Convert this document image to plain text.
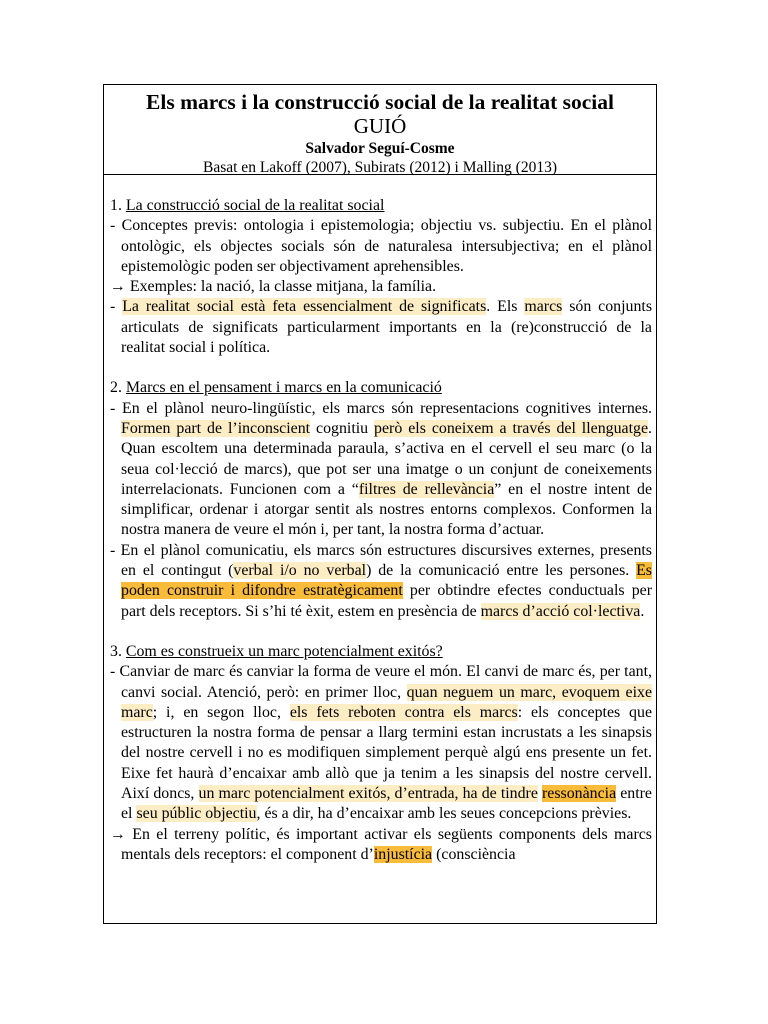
Els marcs i la construcció social de la realitat social
GUIÓ
Salvador Seguí-Cosme
Basat en Lakoff (2007), Subirats (2012) i Malling (2013)
1. La construcció social de la realitat social

- Conceptes previs: ontologia i epistemologia; objectiu vs. subjectiu. En el plànol ontològic, els objectes socials són de naturalesa intersubjectiva; en el plànol epistemològic poden ser objectivament aprehensibles.

→ Exemples: la nació, la classe mitjana, la família.

- La realitat social està feta essencialment de significats. Els marcs són conjunts articulats de significats particularment importants en la (re)construcció de la realitat social i política.

2. Marcs en el pensament i marcs en la comunicació

- En el plànol neuro-lingüístic, els marcs són representacions cognitives internes. Formen part de l’inconscient cognitiu però els coneixem a través del llenguatge. Quan escoltem una determinada paraula, s’activa en el cervell el seu marc (o la seua col·lecció de marcs), que pot ser una imatge o un conjunt de coneixements interrelacionats. Funcionen com a “filtres de rellevància” en el nostre intent de simplificar, ordenar i atorgar sentit als nostres entorns complexos. Conformen la nostra manera de veure el món i, per tant, la nostra forma d’actuar.

- En el plànol comunicatiu, els marcs són estructures discursives externes, presents en el contingut (verbal i/o no verbal) de la comunicació entre les persones. Es poden construir i difondre estratègicament per obtindre efectes conductuals per part dels receptors. Si s’hi té èxit, estem en presència de marcs d’acció col·lectiva.

3. Com es construeix un marc potencialment exitós?

- Canviar de marc és canviar la forma de veure el món. El canvi de marc és, per tant, canvi social. Atenció, però: en primer lloc, quan neguem un marc, evoquem eixe marc; i, en segon lloc, els fets reboten contra els marcs: els conceptes que estructuren la nostra forma de pensar a llarg termini estan incrustats a les sinapsis del nostre cervell i no es modifiquen simplement perquè algú ens presente un fet. Eixe fet haurà d’encaixar amb allò que ja tenim a les sinapsis del nostre cervell. Així doncs, un marc potencialment exitós, d’entrada, ha de tindre ressonància entre el seu públic objectiu, és a dir, ha d’encaixar amb les seues concepcions prèvies.

→ En el terreny polític, és important activar els següents components dels marcs mentals dels receptors: el component d’injustícia (consciència
